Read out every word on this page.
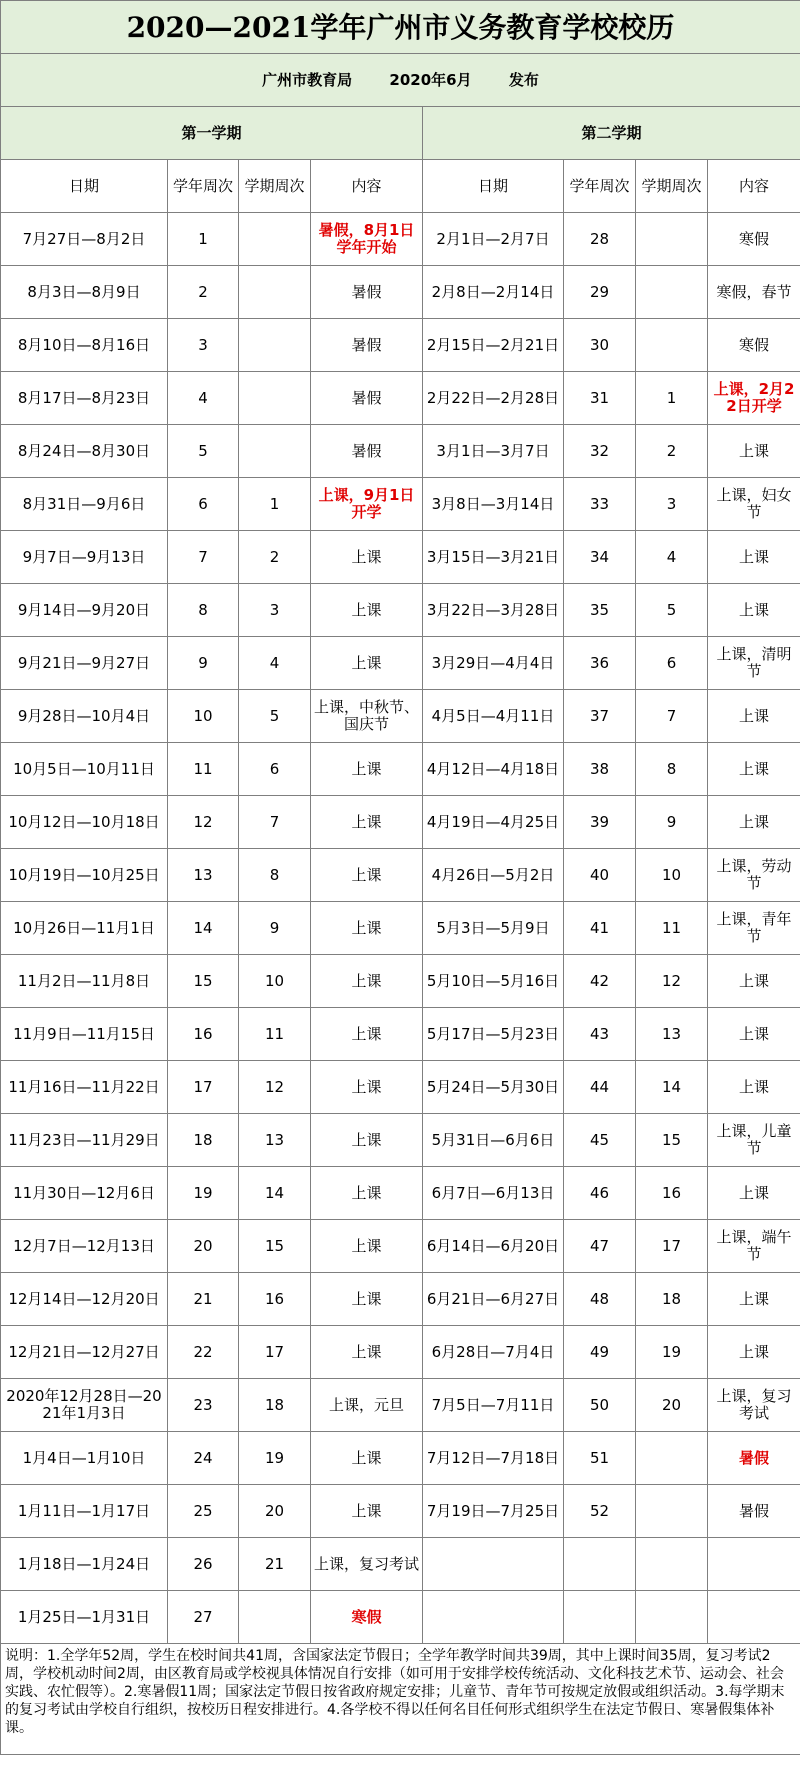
2020—2021学年广州市义务教育学校校历							
广州市教育局 2020年6月 发布							
第一学期				第二学期			
日期	学年周次	学期周次	内容	日期	学年周次	学期周次	内容
7月27日—8月2日	1		暑假，8月1日学年开始	2月1日—2月7日	28		寒假
8月3日—8月9日	2		暑假	2月8日—2月14日	29		寒假，春节
8月10日—8月16日	3		暑假	2月15日—2月21日	30		寒假
8月17日—8月23日	4		暑假	2月22日—2月28日	31	1	上课，2月22日开学
8月24日—8月30日	5		暑假	3月1日—3月7日	32	2	上课
8月31日—9月6日	6	1	上课，9月1日开学	3月8日—3月14日	33	3	上课，妇女节
9月7日—9月13日	7	2	上课	3月15日—3月21日	34	4	上课
9月14日—9月20日	8	3	上课	3月22日—3月28日	35	5	上课
9月21日—9月27日	9	4	上课	3月29日—4月4日	36	6	上课，清明节
9月28日—10月4日	10	5	上课，中秋节、国庆节	4月5日—4月11日	37	7	上课
10月5日—10月11日	11	6	上课	4月12日—4月18日	38	8	上课
10月12日—10月18日	12	7	上课	4月19日—4月25日	39	9	上课
10月19日—10月25日	13	8	上课	4月26日—5月2日	40	10	上课，劳动节
10月26日—11月1日	14	9	上课	5月3日—5月9日	41	11	上课，青年节
11月2日—11月8日	15	10	上课	5月10日—5月16日	42	12	上课
11月9日—11月15日	16	11	上课	5月17日—5月23日	43	13	上课
11月16日—11月22日	17	12	上课	5月24日—5月30日	44	14	上课
11月23日—11月29日	18	13	上课	5月31日—6月6日	45	15	上课，儿童节
11月30日—12月6日	19	14	上课	6月7日—6月13日	46	16	上课
12月7日—12月13日	20	15	上课	6月14日—6月20日	47	17	上课，端午节
12月14日—12月20日	21	16	上课	6月21日—6月27日	48	18	上课
12月21日—12月27日	22	17	上课	6月28日—7月4日	49	19	上课
2020年12月28日—2021年1月3日	23	18	上课，元旦	7月5日—7月11日	50	20	上课，复习考试
1月4日—1月10日	24	19	上课	7月12日—7月18日	51		暑假
1月11日—1月17日	25	20	上课	7月19日—7月25日	52		暑假
1月18日—1月24日	26	21	上课，复习考试				
1月25日—1月31日	27		寒假				
说明：1.全学年52周，学生在校时间共41周，含国家法定节假日；全学年教学时间共39周，其中上课时间35周，复习考试2周，学校机动时间2周，由区教育局或学校视具体情况自行安排（如可用于安排学校传统活动、文化科技艺术节、运动会、社会实践、农忙假等）。2.寒暑假11周；国家法定节假日按省政府规定安排；儿童节、青年节可按规定放假或组织活动。3.每学期末的复习考试由学校自行组织，按校历日程安排进行。4.各学校不得以任何名目任何形式组织学生在法定节假日、寒暑假集体补课。							
